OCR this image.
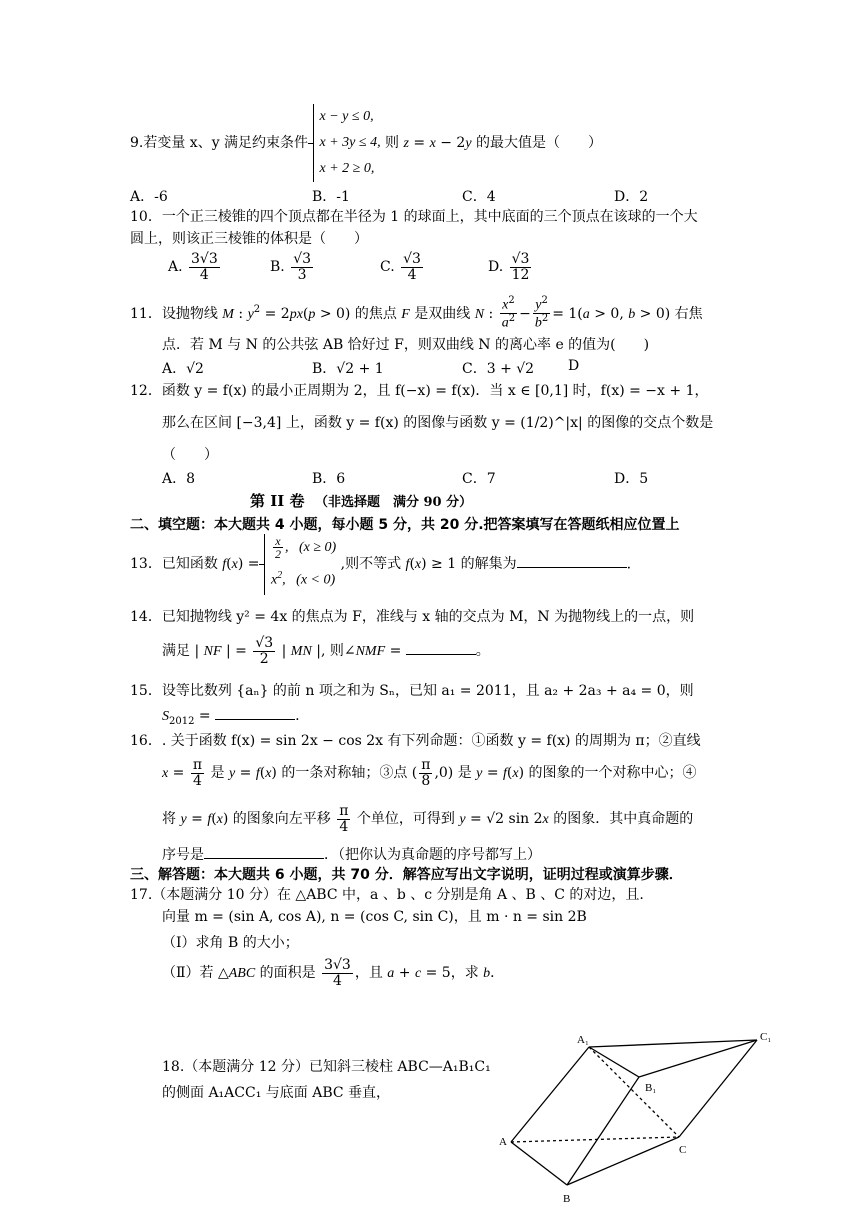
9.若变量 x、y 满足约束条件
x − y ≤ 0,
x + 3y ≤ 4,
x + 2 ≥ 0,
则 z = x − 2y 的最大值是（　　）
A．-6	B．-1	C．4	D．2
10．一个正三棱锥的四个顶点都在半径为 1 的球面上，其中底面的三个顶点在该球的一个大
圆上，则该正三棱锥的体积是（　　）
A. $\frac{3√3}{4}$	B. $\frac{√3}{3}$	C. $\frac{√3}{4}$	D. $\frac{√3}{12}$
11．设抛物线 M : $y^2 = 2px(p > 0)$ 的焦点 F 是双曲线 N : $\frac{x^2}{a^2} - \frac{y^2}{b^2} = 1(a > 0$, b > 0) 右焦
点．若 M 与 N 的公共弦 AB 恰好过 F，则双曲线 N 的离心率 e 的值为(　　)
A．√2	B．√2 + 1	C．3 + √2 D
12．函数 y = f(x) 的最小正周期为 2，且 f(−x) = f(x)．当 x ∈ [0,1] 时，f(x) = −x + 1，
那么在区间 [−3,4] 上，函数 y = f(x) 的图像与函数 y = (1/2)^|x| 的图像的交点个数是
（　　）
A．8	B．6	C．7	D．5
第 II 卷 （非选择题　满分 90 分）
二、填空题：本大题共 4 小题，每小题 5 分，共 20 分.把答案填写在答题纸相应位置上
13．已知函数 f(x) =
$\frac{x}{2}$ ,   (x ≥ 0)
$x^2$,   (x < 0)
,则不等式 f(x) ≥ 1 的解集为	.
14．已知抛物线 y² = 4x 的焦点为 F，准线与 x 轴的交点为 M，N 为抛物线上的一点，则
满足 | NF | = $\frac{√3}{2}$ | MN |, 则∠NMF =	。
15．设等比数列 {aₙ} 的前 n 项之和为 Sₙ，已知 a₁ = 2011，且 a₂ + 2a₃ + a₄ = 0，则
$S_{2012}$ =	.
16．. 关于函数 f(x) = sin 2x − cos 2x 有下列命题：①函数 y = f(x) 的周期为 π；②直线
$x = \frac{\pi}{4}$ 是 y = f(x) 的一条对称轴；③点 ( $\frac{\pi}{8} ,0$) 是 y = f(x) 的图象的一个对称中心；④
将 y = f(x) 的图象向左平移 $\frac{\pi}{4}$ 个单位，可得到 y = √2 sin 2x 的图象．其中真命题的
序号是	．（把你认为真命题的序号都写上）
三、解答题：本大题共 6 小题，共 70 分．解答应写出文字说明，证明过程或演算步骤．
17.（本题满分 10 分）在 △ABC 中，a 、b 、c 分别是角 A 、B 、C 的对边，且.
向量 m = (sin A, cos A), n = (cos C, sin C)，且 m · n = sin 2B
（Ⅰ）求角 B 的大小；
（Ⅱ）若 △ABC 的面积是 $\frac{3√3}{4}$ ，且 a + c = 5，求 b．
18.（本题满分 12 分）已知斜三棱柱 ABC—A₁B₁C₁
的侧面 A₁ACC₁ 与底面 ABC 垂直，
A₁	C₁
B₁
A
C
B
